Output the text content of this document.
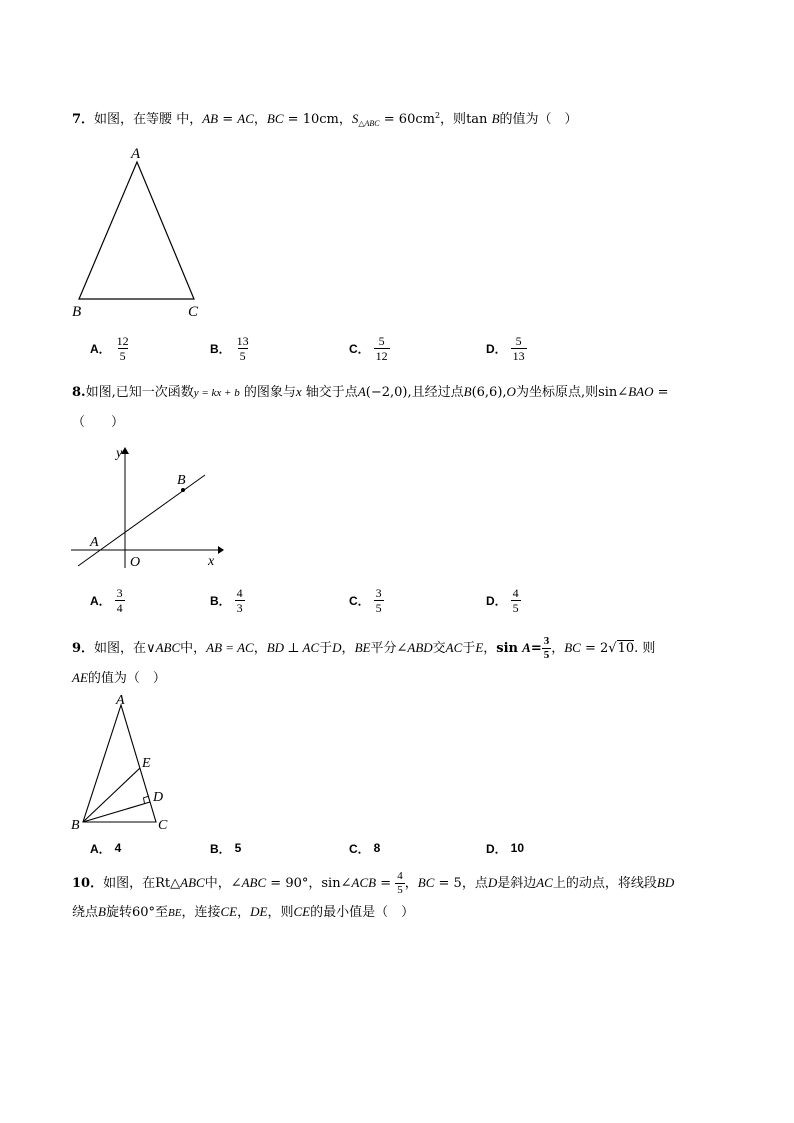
7．如图，在等腰 中，AB = AC，BC = 10cm，$S_{\triangle ABC} = 60cm^2$，则tan B的值为（　）
A
B	C
A． $\frac{12}{5}$	B． $\frac{13}{5}$	C． $\frac{5}{12}$	D． $\frac{5}{13}$
8.如图,已知一次函数y = kx + b 的图象与x 轴交于点A(−2,0),且经过点B(6,6),O为坐标原点,则sin∠BAO =
（　　）
y
x
O
A
B
A． $\frac{3}{4}$	B． $\frac{4}{3}$	C． $\frac{3}{5}$	D． $\frac{4}{5}$
9．如图，在∨ABC中，AB = AC，BD ⊥ AC于D，BE平分∠ABD交AC于E，$\sin A= \frac{3}{5}$ ，BC = 2√10. 则
AE的值为（　）
A
B	C
D
E
A． 4	B． 5	C． 8	D． 10
10．如图，在Rt△ABC中，∠ABC = 90°，sin∠ACB = $\frac{4}{5}$ ，BC = 5，点D是斜边AC上的动点，将线段BD
绕点B旋转60°至BE，连接CE，DE，则CE的最小值是（　）
